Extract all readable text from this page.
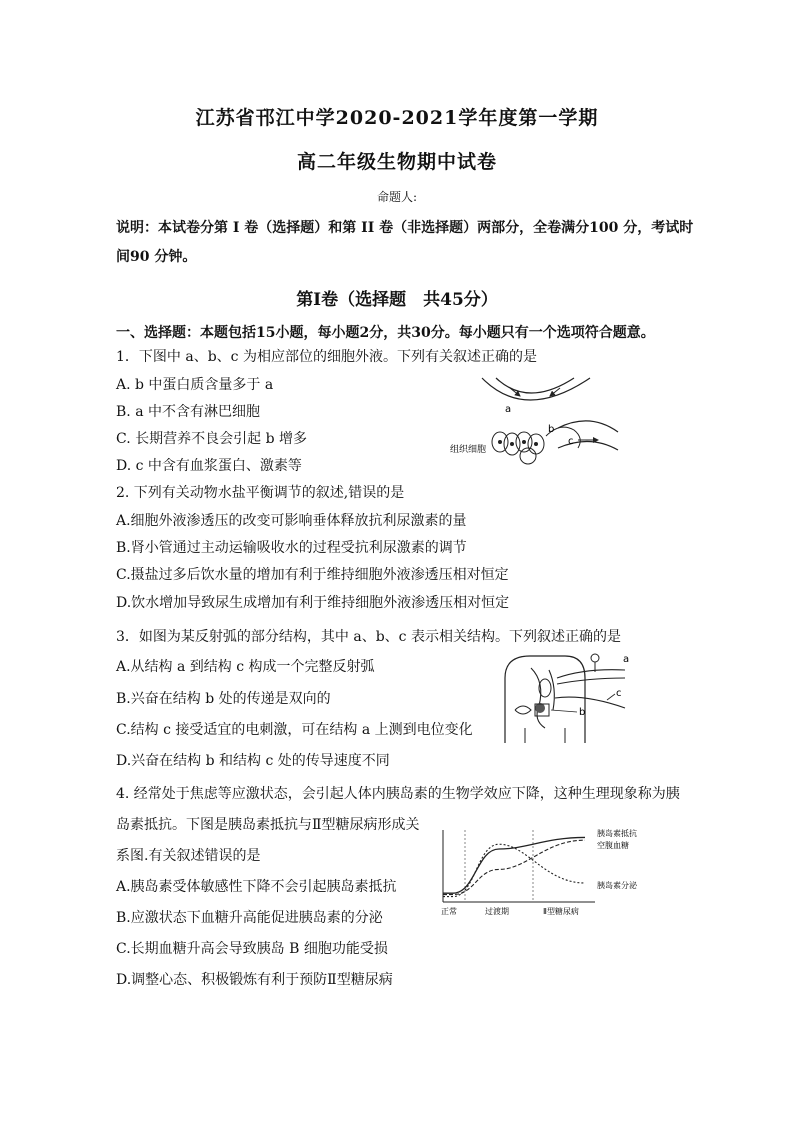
江苏省邗江中学2020-2021学年度第一学期
高二年级生物期中试卷
命题人:
说明：本试卷分第 I 卷（选择题）和第 II 卷（非选择题）两部分，全卷满分100 分，考试时
间90 分钟。
第I卷（选择题　共45分）
一、选择题：本题包括15小题，每小题2分，共30分。每小题只有一个选项符合题意。
1．下图中 a、b、c 为相应部位的细胞外液。下列有关叙述正确的是
A. b 中蛋白质含量多于 a
B. a 中不含有淋巴细胞
C. 长期营养不良会引起 b 增多
D. c 中含有血浆蛋白、激素等
a
b
c
组织细胞
2. 下列有关动物水盐平衡调节的叙述,错误的是
A.细胞外液渗透压的改变可影响垂体释放抗利尿激素的量
B.肾小管通过主动运输吸收水的过程受抗利尿激素的调节
C.摄盐过多后饮水量的增加有利于维持细胞外液渗透压相对恒定
D.饮水增加导致尿生成增加有利于维持细胞外液渗透压相对恒定
3．如图为某反射弧的部分结构，其中 a、b、c 表示相关结构。下列叙述正确的是
A.从结构 a 到结构 c 构成一个完整反射弧
B.兴奋在结构 b 处的传递是双向的
C.结构 c 接受适宜的电刺激，可在结构 a 上测到电位变化
D.兴奋在结构 b 和结构 c 处的传导速度不同
b
a
c
4. 经常处于焦虑等应激状态，会引起人体内胰岛素的生物学效应下降，这种生理现象称为胰
岛素抵抗。下图是胰岛素抵抗与Ⅱ型糖尿病形成关
系图.有关叙述错误的是
A.胰岛素受体敏感性下降不会引起胰岛素抵抗
B.应激状态下血糖升高能促进胰岛素的分泌
C.长期血糖升高会导致胰岛 B 细胞功能受损
D.调整心态、积极锻炼有利于预防Ⅱ型糖尿病
胰岛素抵抗
空腹血糖
胰岛素分泌
正常	过渡期	Ⅱ型糖尿病
